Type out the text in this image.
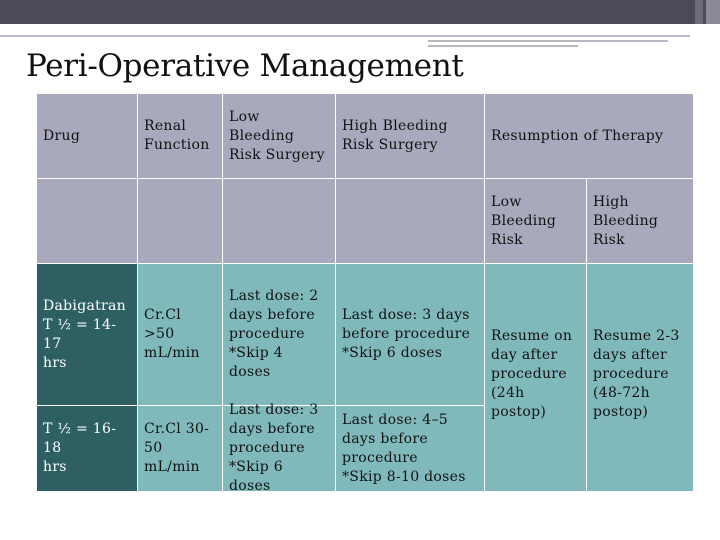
Peri-Operative Management
Drug
Renal
Function
Low
Bleeding
Risk Surgery
High Bleeding
Risk Surgery
Resumption of Therapy
Low
Bleeding
Risk
High
Bleeding
Risk
Dabigatran
T ½ = 14-17
hrs
Cr.Cl >50
mL/min
Last dose: 2
days before
procedure
*Skip 4 doses
Last dose: 3 days
before procedure
*Skip 6 doses
Resume on
day after
procedure
(24h
postop)
Resume 2-3
days after
procedure
(48-72h
postop)
T ½ = 16-18
hrs
Cr.Cl 30-
50
mL/min
Last dose: 3
days before
procedure
*Skip 6 doses
Last dose: 4–5
days before
procedure
*Skip 8-10 doses
